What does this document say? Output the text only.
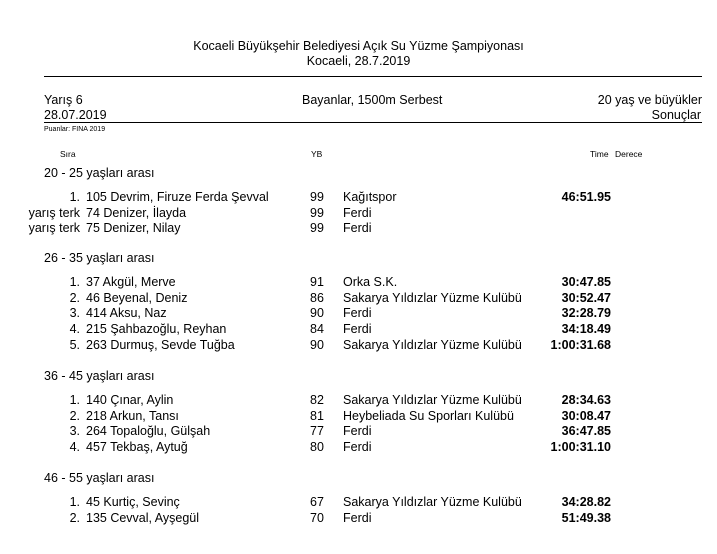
Kocaeli Büyükşehir Belediyesi Açık Su Yüzme Şampiyonası
Kocaeli, 28.7.2019
Yarış 6
28.07.2019
Bayanlar, 1500m Serbest	20 yaş ve büyükler
Sonuçlar
Puanlar: FINA 2019
Sıra	YB	Time Derece
20 - 25 yaşları arası
1. 105 Devrim, Firuze Ferda Şevval	99 Kağıtspor	46:51.95
yarış terk 74 Denizer, İlayda	99 Ferdi
yarış terk 75 Denizer, Nilay	99 Ferdi
26 - 35 yaşları arası
1. 37 Akgül, Merve	91 Orka S.K.	30:47.85
2. 46 Beyenal, Deniz	86 Sakarya Yıldızlar Yüzme Kulübü	30:52.47
3. 414 Aksu, Naz	90 Ferdi	32:28.79
4. 215 Şahbazoğlu, Reyhan	84 Ferdi	34:18.49
5. 263 Durmuş, Sevde Tuğba	90 Sakarya Yıldızlar Yüzme Kulübü 1:00:31.68
36 - 45 yaşları arası
1. 140 Çınar, Aylin	82 Sakarya Yıldızlar Yüzme Kulübü	28:34.63
2. 218 Arkun, Tansı	81 Heybeliada Su Sporları Kulübü	30:08.47
3. 264 Topaloğlu, Gülşah	77 Ferdi	36:47.85
4. 457 Tekbaş, Aytuğ	80 Ferdi	1:00:31.10
46 - 55 yaşları arası
1. 45 Kurtiç, Sevinç	67 Sakarya Yıldızlar Yüzme Kulübü	34:28.82
2. 135 Cevval, Ayşegül	70 Ferdi	51:49.38
